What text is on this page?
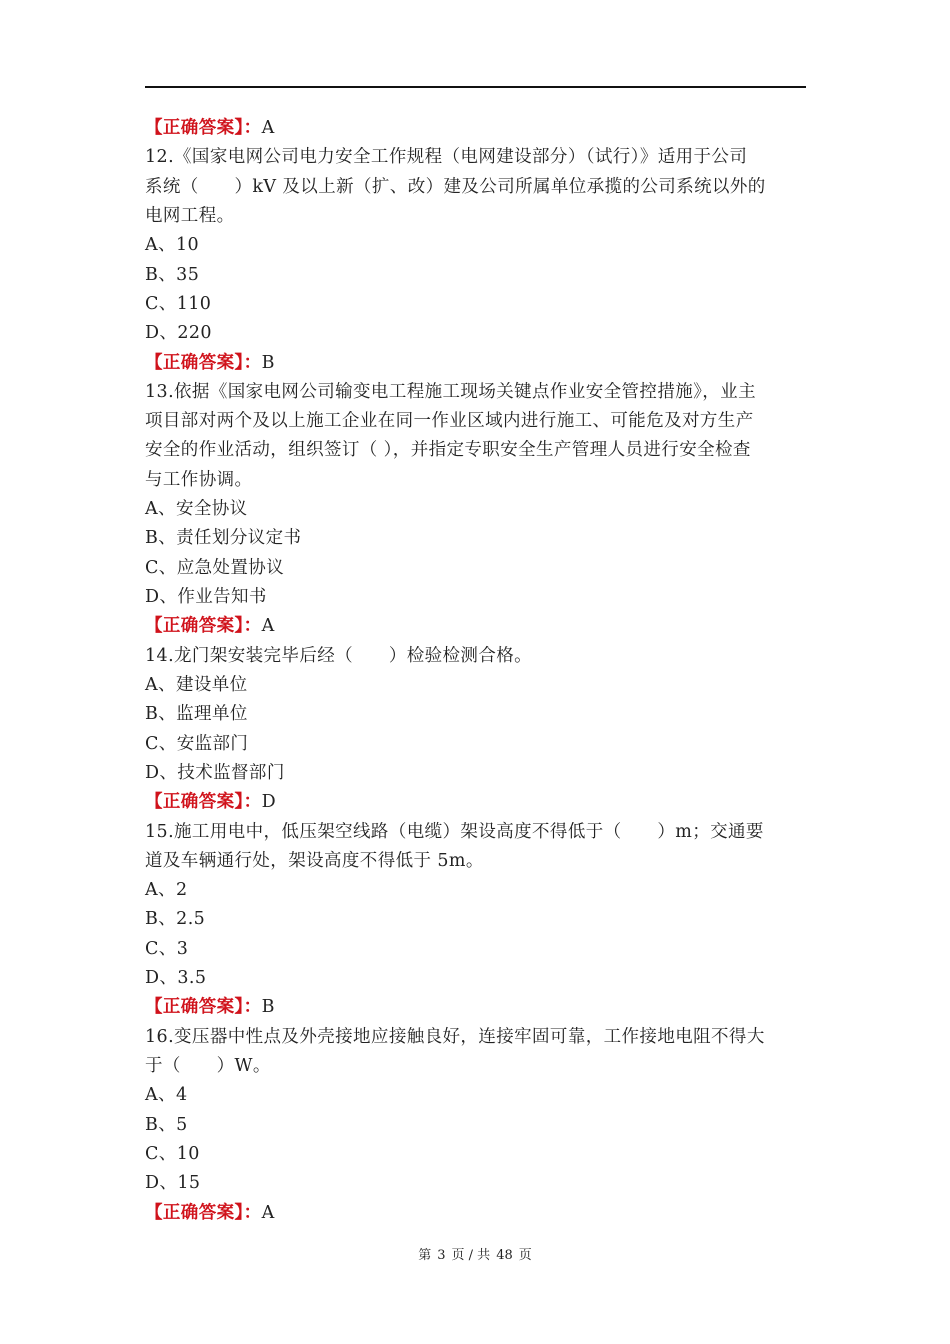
【正确答案】：A
12.《国家电网公司电力安全工作规程（电网建设部分）（试行）》适用于公司
系统（　　）kV 及以上新（扩、改）建及公司所属单位承揽的公司系统以外的
电网工程。
A、10
B、35
C、110
D、220
【正确答案】：B
13.依据《国家电网公司输变电工程施工现场关键点作业安全管控措施》，业主
项目部对两个及以上施工企业在同一作业区域内进行施工、可能危及对方生产
安全的作业活动，组织签订（ ），并指定专职安全生产管理人员进行安全检查
与工作协调。
A、安全协议
B、责任划分议定书
C、应急处置协议
D、作业告知书
【正确答案】：A
14.龙门架安装完毕后经（　　）检验检测合格。
A、建设单位
B、监理单位
C、安监部门
D、技术监督部门
【正确答案】：D
15.施工用电中，低压架空线路（电缆）架设高度不得低于（　　）m；交通要
道及车辆通行处，架设高度不得低于 5m。
A、2
B、2.5
C、3
D、3.5
【正确答案】：B
16.变压器中性点及外壳接地应接触良好，连接牢固可靠，工作接地电阻不得大
于（　　）W。
A、4
B、5
C、10
D、15
【正确答案】：A
第 3 页 / 共 48 页
